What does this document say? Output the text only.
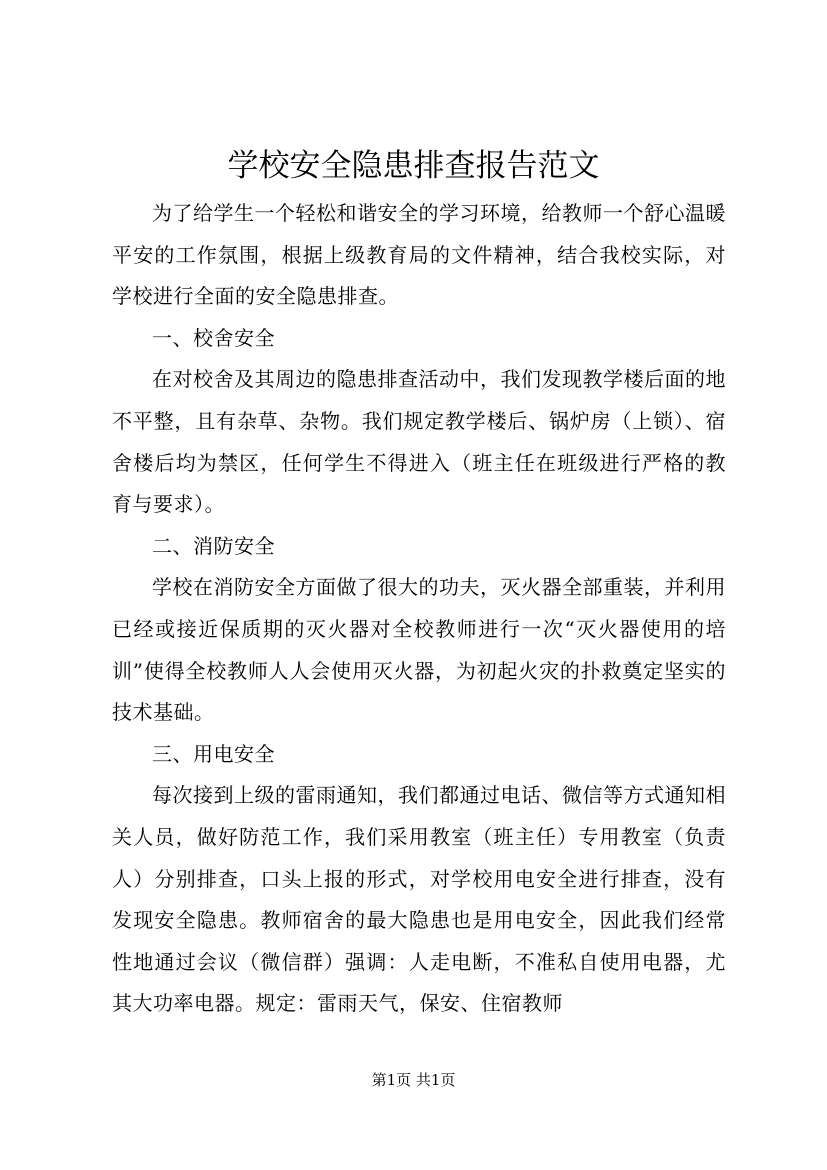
学校安全隐患排查报告范文

为了给学生一个轻松和谐安全的学习环境，给教师一个舒心温暖平安的工作氛围，根据上级教育局的文件精神，结合我校实际，对学校进行全面的安全隐患排查。

一、校舍安全

在对校舍及其周边的隐患排查活动中，我们发现教学楼后面的地不平整，且有杂草、杂物。我们规定教学楼后、锅炉房（上锁）、宿舍楼后均为禁区，任何学生不得进入（班主任在班级进行严格的教育与要求）。

二、消防安全

学校在消防安全方面做了很大的功夫，灭火器全部重装，并利用已经或接近保质期的灭火器对全校教师进行一次“灭火器使用的培训”使得全校教师人人会使用灭火器，为初起火灾的扑救奠定坚实的技术基础。

三、用电安全

每次接到上级的雷雨通知，我们都通过电话、微信等方式通知相关人员，做好防范工作，我们采用教室（班主任）专用教室（负责人）分别排查，口头上报的形式，对学校用电安全进行排查，没有发现安全隐患。教师宿舍的最大隐患也是用电安全，因此我们经常性地通过会议（微信群）强调：人走电断，不准私自使用电器，尤其大功率电器。规定：雷雨天气，保安、住宿教师

第1页 共1页
